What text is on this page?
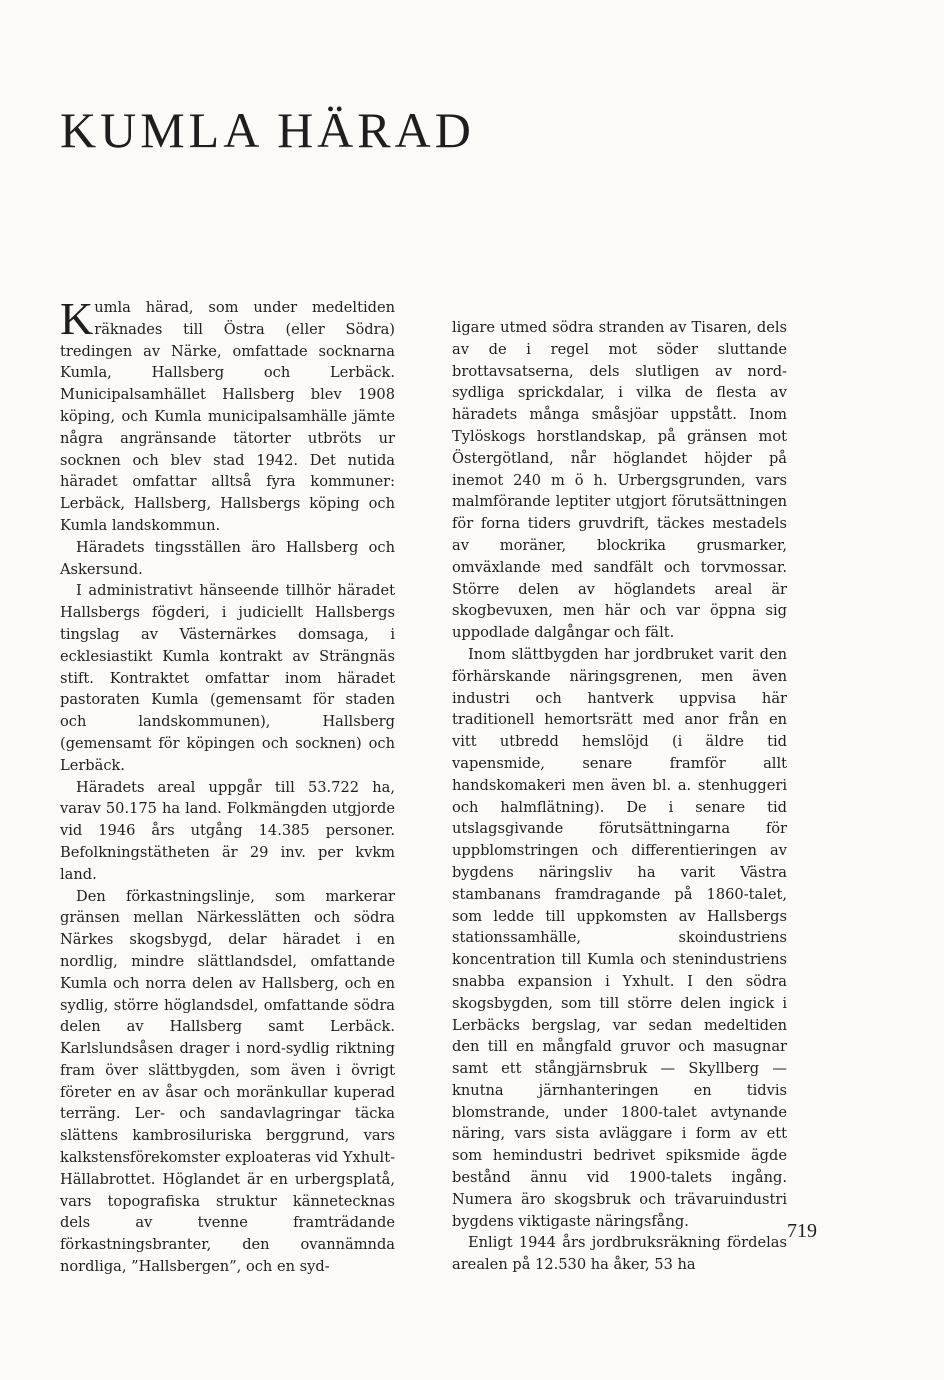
KUMLA HÄRAD

Kumla härad, som under medeltiden räknades till Östra (eller Södra) tredingen av Närke, omfattade socknarna Kumla, Hallsberg och Lerbäck. Municipalsamhället Hallsberg blev 1908 köping, och Kumla municipalsamhälle jämte några angränsande tätorter utbröts ur socknen och blev stad 1942. Det nutida häradet omfattar alltså fyra kommuner: Lerbäck, Hallsberg, Hallsbergs köping och Kumla landskommun.

Häradets tingsställen äro Hallsberg och Askersund.

I administrativt hänseende tillhör häradet Hallsbergs fögderi, i judiciellt Hallsbergs tingslag av Västernärkes domsaga, i ecklesiastikt Kumla kontrakt av Strängnäs stift. Kontraktet omfattar inom häradet pastoraten Kumla (gemensamt för staden och landskommunen), Hallsberg (gemensamt för köpingen och socknen) och Lerbäck.

Häradets areal uppgår till 53.722 ha, varav 50.175 ha land. Folkmängden utgjorde vid 1946 års utgång 14.385 personer. Befolkningstätheten är 29 inv. per kvkm land.

Den förkastningslinje, som markerar gränsen mellan Närkesslätten och södra Närkes skogsbygd, delar häradet i en nordlig, mindre slättlandsdel, omfattande Kumla och norra delen av Hallsberg, och en sydlig, större höglandsdel, omfattande södra delen av Hallsberg samt Lerbäck. Karlslundsåsen drager i nord-sydlig riktning fram över slättbygden, som även i övrigt företer en av åsar och moränkullar kuperad terräng. Ler- och sandavlagringar täcka slättens kambrosiluriska berggrund, vars kalkstensförekomster exploateras vid Yxhult-Hällabrottet. Höglandet är en urbergsplatå, vars topografiska struktur kännetecknas dels av tvenne framträdande förkastningsbranter, den ovannämnda nordliga, ”Hallsbergen”, och en syd-

ligare utmed södra stranden av Tisaren, dels av de i regel mot söder sluttande brottavsatserna, dels slutligen av nord-sydliga sprickdalar, i vilka de flesta av häradets många småsjöar uppstått. Inom Tylöskogs horstlandskap, på gränsen mot Östergötland, når höglandet höjder på inemot 240 m ö h. Urbergsgrunden, vars malmförande leptiter utgjort förutsättningen för forna tiders gruvdrift, täckes mestadels av moräner, blockrika grusmarker, omväxlande med sandfält och torvmossar. Större delen av höglandets areal är skogbevuxen, men här och var öppna sig uppodlade dalgångar och fält.

Inom slättbygden har jordbruket varit den förhärskande näringsgrenen, men även industri och hantverk uppvisa här traditionell hemortsrätt med anor från en vitt utbredd hemslöjd (i äldre tid vapensmide, senare framför allt handskomakeri men även bl. a. stenhuggeri och halmflätning). De i senare tid utslagsgivande förutsättningarna för uppblomstringen och differentieringen av bygdens näringsliv ha varit Västra stambanans framdragande på 1860-talet, som ledde till uppkomsten av Hallsbergs stationssamhälle, skoindustriens koncentration till Kumla och stenindustriens snabba expansion i Yxhult. I den södra skogsbygden, som till större delen ingick i Lerbäcks bergslag, var sedan medeltiden den till en mångfald gruvor och masugnar samt ett stångjärnsbruk — Skyllberg — knutna järnhanteringen en tidvis blomstrande, under 1800-talet avtynande näring, vars sista avläggare i form av ett som hemindustri bedrivet spiksmide ägde bestånd ännu vid 1900-talets ingång. Numera äro skogsbruk och trävaruindustri bygdens viktigaste näringsfång.

Enligt 1944 års jordbruksräkning fördelas arealen på 12.530 ha åker, 53 ha

719
